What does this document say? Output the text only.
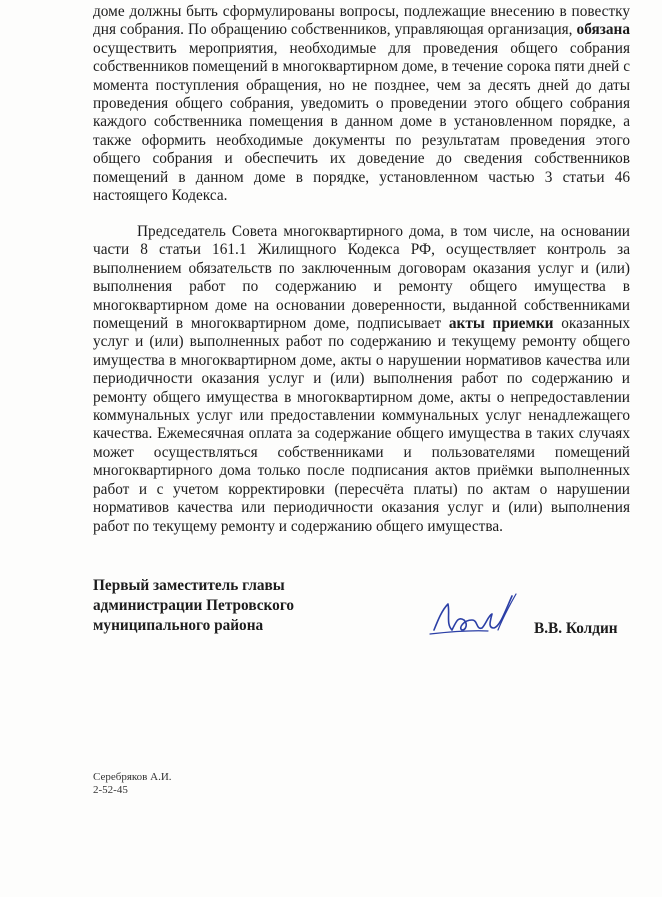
доме должны быть сформулированы вопросы, подлежащие внесению в повестку дня собрания. По обращению собственников, управляющая организация, обязана осуществить мероприятия, необходимые для проведения общего собрания собственников помещений в многоквартирном доме, в течение сорока пяти дней с момента поступления обращения, но не позднее, чем за десять дней до даты проведения общего собрания, уведомить о проведении этого общего собрания каждого собственника помещения в данном доме в установленном порядке, а также оформить необходимые документы по результатам проведения этого общего собрания и обеспечить их доведение до сведения собственников помещений в данном доме в порядке, установленном частью 3 статьи 46 настоящего Кодекса.

Председатель Совета многоквартирного дома, в том числе, на основании части 8 статьи 161.1 Жилищного Кодекса РФ, осуществляет контроль за выполнением обязательств по заключенным договорам оказания услуг и (или) выполнения работ по содержанию и ремонту общего имущества в многоквартирном доме на основании доверенности, выданной собственниками помещений в многоквартирном доме, подписывает акты приемки оказанных услуг и (или) выполненных работ по содержанию и текущему ремонту общего имущества в многоквартирном доме, акты о нарушении нормативов качества или периодичности оказания услуг и (или) выполнения работ по содержанию и ремонту общего имущества в многоквартирном доме, акты о непредоставлении коммунальных услуг или предоставлении коммунальных услуг ненадлежащего качества. Ежемесячная оплата за содержание общего имущества в таких случаях может осуществляться собственниками и пользователями помещений многоквартирного дома только после подписания актов приёмки выполненных работ и с учетом корректировки (пересчёта платы) по актам о нарушении нормативов качества или периодичности оказания услуг и (или) выполнения работ по текущему ремонту и содержанию общего имущества.

Первый заместитель главы
администрации Петровского
муниципального района	В.В. Колдин
Серебряков А.И.
2-52-45
